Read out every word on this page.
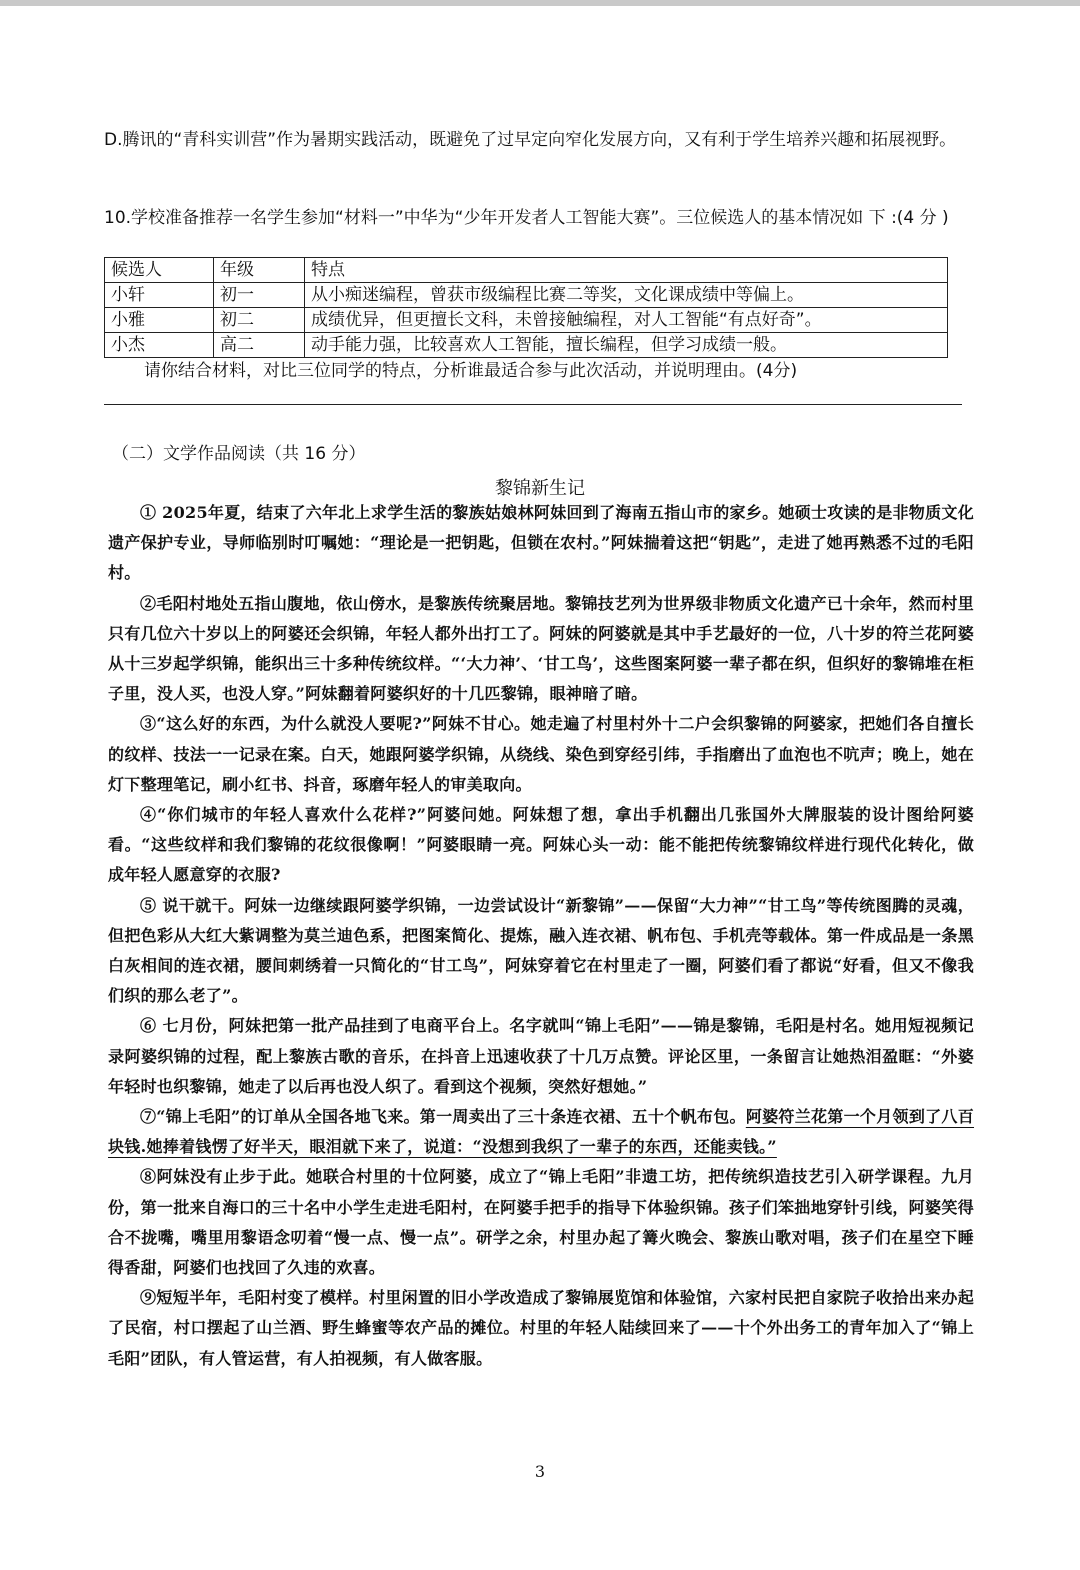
D.腾讯的“青科实训营”作为暑期实践活动，既避免了过早定向窄化发展方向，又有利于学生培养兴趣和拓展视野。

10.学校准备推荐一名学生参加“材料一”中华为“少年开发者人工智能大赛”。三位候选人的基本情况如 下 :(4 分 )

候选人	年级	特点
小轩	初一	从小痴迷编程，曾获市级编程比赛二等奖，文化课成绩中等偏上。
小雅	初二	成绩优异，但更擅长文科，未曾接触编程，对人工智能“有点好奇”。
小杰	高二	动手能力强，比较喜欢人工智能，擅长编程，但学习成绩一般。

请你结合材料，对比三位同学的特点，分析谁最适合参与此次活动，并说明理由。(4分)

（二）文学作品阅读（共 16 分）

黎锦新生记

① 2025年夏，结束了六年北上求学生活的黎族姑娘林阿妹回到了海南五指山市的家乡。她硕士攻读的是非物质文化遗产保护专业，导师临别时叮嘱她：“理论是一把钥匙，但锁在农村。”阿妹揣着这把“钥匙”，走进了她再熟悉不过的毛阳村。

②毛阳村地处五指山腹地，依山傍水，是黎族传统聚居地。黎锦技艺列为世界级非物质文化遗产已十余年，然而村里只有几位六十岁以上的阿婆还会织锦，年轻人都外出打工了。阿妹的阿婆就是其中手艺最好的一位，八十岁的符兰花阿婆从十三岁起学织锦，能织出三十多种传统纹样。“‘大力神’、‘甘工鸟’，这些图案阿婆一辈子都在织，但织好的黎锦堆在柜子里，没人买，也没人穿。”阿妹翻着阿婆织好的十几匹黎锦，眼神暗了暗。

③“这么好的东西，为什么就没人要呢?”阿妹不甘心。她走遍了村里村外十二户会织黎锦的阿婆家，把她们各自擅长的纹样、技法一一记录在案。白天，她跟阿婆学织锦，从绕线、染色到穿经引纬，手指磨出了血泡也不吭声；晚上，她在灯下整理笔记，刷小红书、抖音，琢磨年轻人的审美取向。

④“你们城市的年轻人喜欢什么花样?”阿婆问她。阿妹想了想，拿出手机翻出几张国外大牌服装的设计图给阿婆看。“这些纹样和我们黎锦的花纹很像啊！”阿婆眼睛一亮。阿妹心头一动：能不能把传统黎锦纹样进行现代化转化，做成年轻人愿意穿的衣服?

⑤ 说干就干。阿妹一边继续跟阿婆学织锦，一边尝试设计“新黎锦”——保留“大力神”“甘工鸟”等传统图腾的灵魂，但把色彩从大红大紫调整为莫兰迪色系，把图案简化、提炼，融入连衣裙、帆布包、手机壳等载体。第一件成品是一条黑白灰相间的连衣裙，腰间刺绣着一只简化的“甘工鸟”，阿妹穿着它在村里走了一圈，阿婆们看了都说“好看，但又不像我们织的那么老了”。

⑥ 七月份，阿妹把第一批产品挂到了电商平台上。名字就叫“锦上毛阳”——锦是黎锦，毛阳是村名。她用短视频记录阿婆织锦的过程，配上黎族古歌的音乐，在抖音上迅速收获了十几万点赞。评论区里，一条留言让她热泪盈眶：“外婆年轻时也织黎锦，她走了以后再也没人织了。看到这个视频，突然好想她。”

⑦“锦上毛阳”的订单从全国各地飞来。第一周卖出了三十条连衣裙、五十个帆布包。阿婆符兰花第一个月领到了八百块钱.她捧着钱愣了好半天，眼泪就下来了，说道：“没想到我织了一辈子的东西，还能卖钱。”

⑧阿妹没有止步于此。她联合村里的十位阿婆，成立了“锦上毛阳”非遗工坊，把传统织造技艺引入研学课程。九月份，第一批来自海口的三十名中小学生走进毛阳村，在阿婆手把手的指导下体验织锦。孩子们笨拙地穿针引线，阿婆笑得合不拢嘴，嘴里用黎语念叨着“慢一点、慢一点”。研学之余，村里办起了篝火晚会、黎族山歌对唱，孩子们在星空下睡得香甜，阿婆们也找回了久违的欢喜。

⑨短短半年，毛阳村变了模样。村里闲置的旧小学改造成了黎锦展览馆和体验馆，六家村民把自家院子收拾出来办起了民宿，村口摆起了山兰酒、野生蜂蜜等农产品的摊位。村里的年轻人陆续回来了——十个外出务工的青年加入了“锦上毛阳”团队，有人管运营，有人拍视频，有人做客服。

3
